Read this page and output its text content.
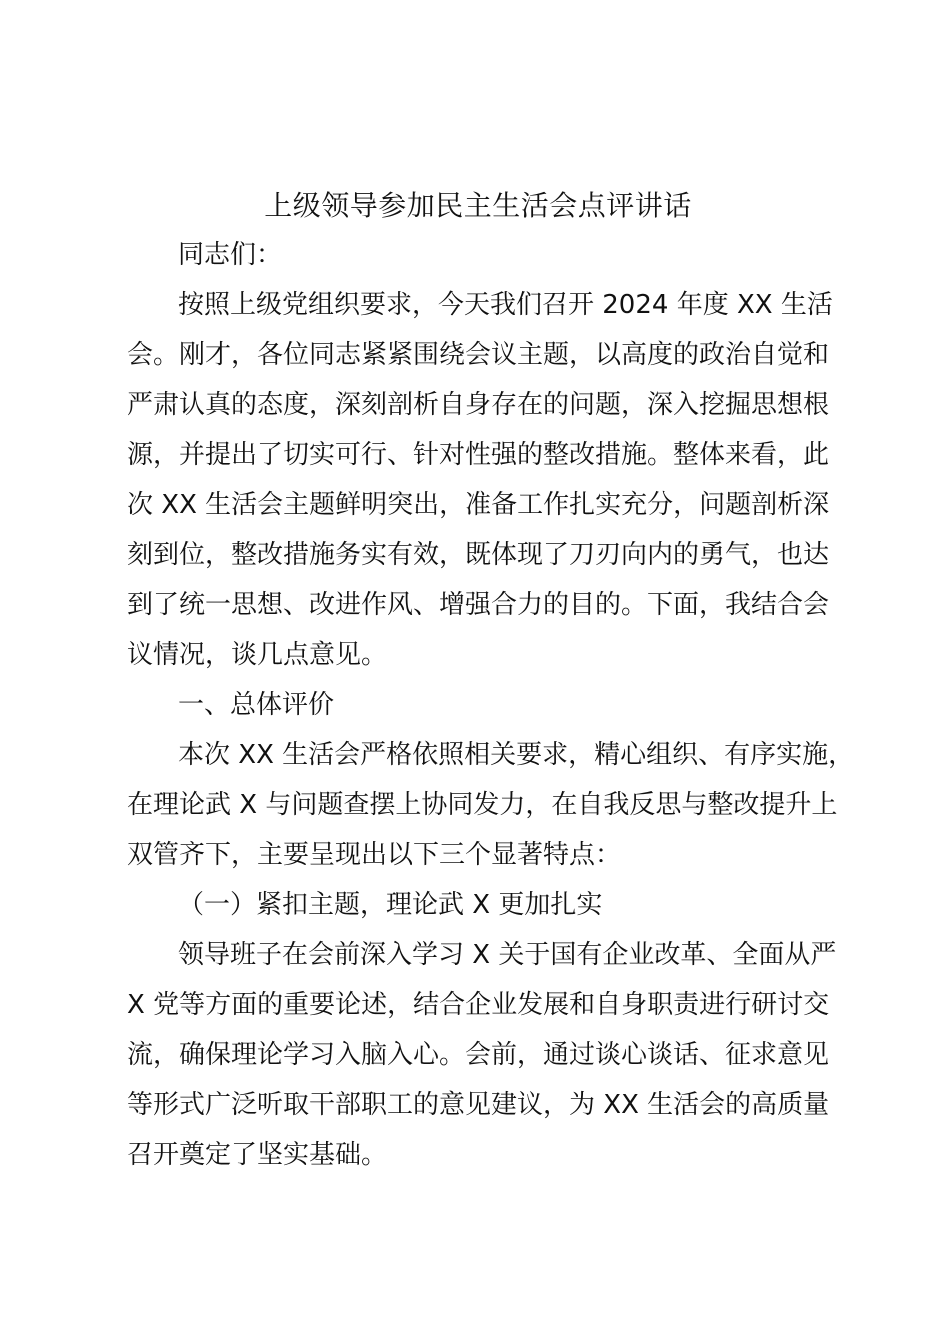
上级领导参加民主生活会点评讲话
同志们：
按照上级党组织要求，今天我们召开 2024 年度 XX 生活
会。刚才，各位同志紧紧围绕会议主题，以高度的政治自觉和
严肃认真的态度，深刻剖析自身存在的问题，深入挖掘思想根
源，并提出了切实可行、针对性强的整改措施。整体来看，此
次 XX 生活会主题鲜明突出，准备工作扎实充分，问题剖析深
刻到位，整改措施务实有效，既体现了刀刃向内的勇气，也达
到了统一思想、改进作风、增强合力的目的。下面，我结合会
议情况，谈几点意见。
一、总体评价
本次 XX 生活会严格依照相关要求，精心组织、有序实施，
在理论武 X 与问题查摆上协同发力，在自我反思与整改提升上
双管齐下，主要呈现出以下三个显著特点：
（一）紧扣主题，理论武 X 更加扎实
领导班子在会前深入学习 X 关于国有企业改革、全面从严
X 党等方面的重要论述，结合企业发展和自身职责进行研讨交
流，确保理论学习入脑入心。会前，通过谈心谈话、征求意见
等形式广泛听取干部职工的意见建议，为 XX 生活会的高质量
召开奠定了坚实基础。
